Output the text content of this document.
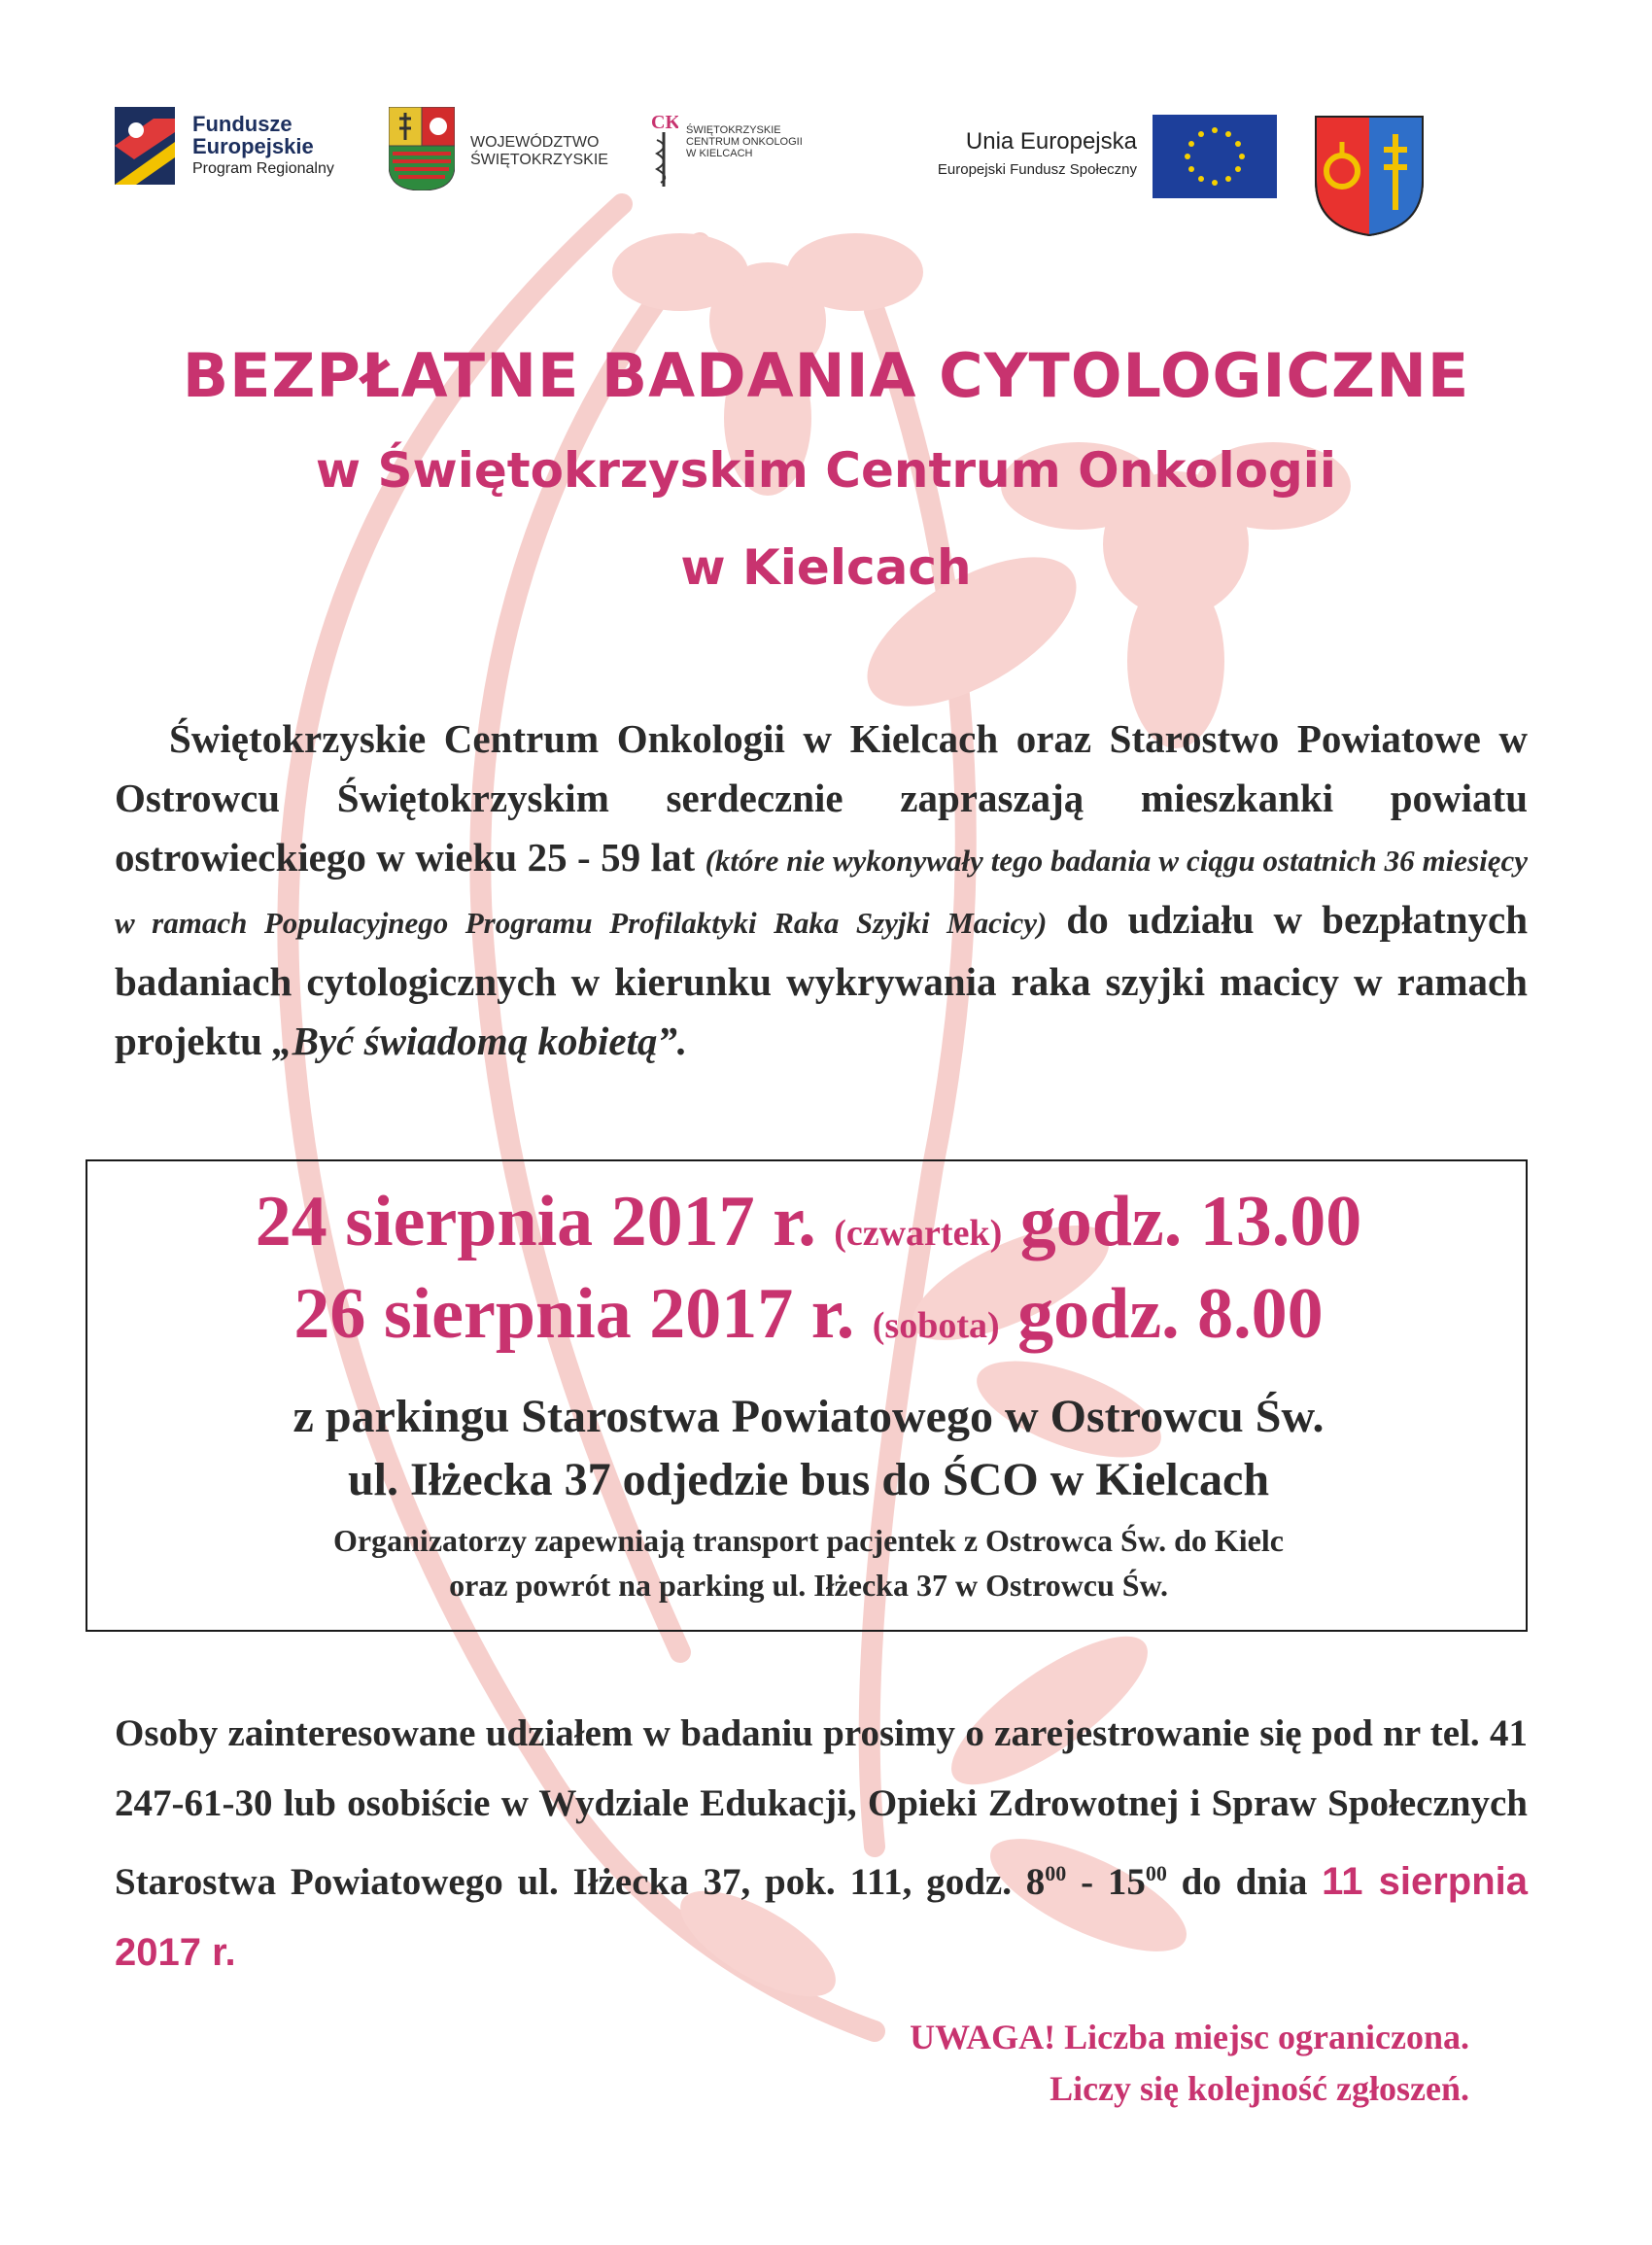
Fundusze
Europejskie
Program Regionalny
WOJEWÓDZTWO
ŚWIĘTOKRZYSKIE
CK ŚWIĘTOKRZYSKIE
CENTRUM ONKOLOGII
W KIELCACH	Unia Europejska
Europejski Fundusz Społeczny
BEZPŁATNE BADANIA CYTOLOGICZNE
w Świętokrzyskim Centrum Onkologii
w Kielcach
Świętokrzyskie Centrum Onkologii w Kielcach oraz Starostwo Powiatowe w Ostrowcu Świętokrzyskim serdecznie zapraszają mieszkanki powiatu ostrowieckiego w wieku 25 - 59 lat (które nie wykonywały tego badania w ciągu ostatnich 36 miesięcy w ramach Populacyjnego Programu Profilaktyki Raka Szyjki Macicy) do udziału w bezpłatnych badaniach cytologicznych w kierunku wykrywania raka szyjki macicy w ramach projektu „Być świadomą kobietą”.
24 sierpnia 2017 r. (czwartek) godz. 13.00
26 sierpnia 2017 r. (sobota) godz. 8.00
z parkingu Starostwa Powiatowego w Ostrowcu Św.
ul. Iłżecka 37 odjedzie bus do ŚCO w Kielcach
Organizatorzy zapewniają transport pacjentek z Ostrowca Św. do Kielc
oraz powrót na parking ul. Iłżecka 37 w Ostrowcu Św.
Osoby zainteresowane udziałem w badaniu prosimy o zarejestrowanie się pod nr tel. 41 247-61-30 lub osobiście w Wydziale Edukacji, Opieki Zdrowotnej i Spraw Społecznych Starostwa Powiatowego ul. Iłżecka 37, pok. 111, godz. $8^{00} - 15^{00}$ do dnia 11 sierpnia 2017 r.
UWAGA! Liczba miejsc ograniczona.
Liczy się kolejność zgłoszeń.
